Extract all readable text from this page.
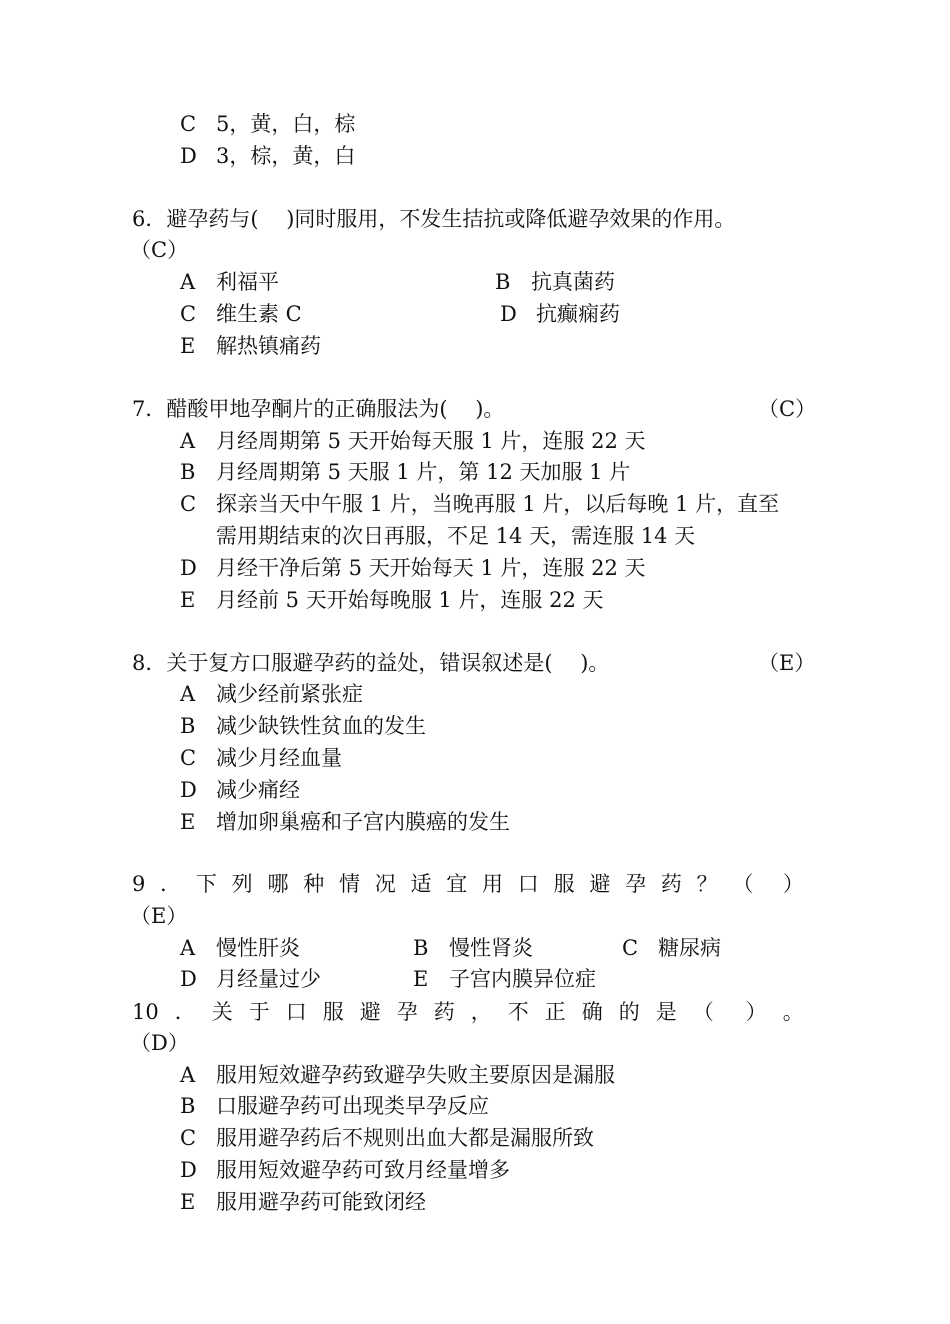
C 5，黄，白，棕
D 3，棕，黄，白
6．避孕药与(　 )同时服用，不发生拮抗或降低避孕效果的作用。
（C）
A 利福平	B 抗真菌药
C 维生素 C	D 抗癫痫药
E 解热镇痛药
7．醋酸甲地孕酮片的正确服法为(　 )。	（C）
A 月经周期第 5 天开始每天服 1 片，连服 22 天
B 月经周期第 5 天服 1 片，第 12 天加服 1 片
C 探亲当天中午服 1 片，当晚再服 1 片，以后每晚 1 片，直至
需用期结束的次日再服，不足 14 天，需连服 14 天
D 月经干净后第 5 天开始每天 1 片，连服 22 天
E 月经前 5 天开始每晚服 1 片，连服 22 天
8．关于复方口服避孕药的益处，错误叙述是(　 )。	（E）
A 减少经前紧张症
B 减少缺铁性贫血的发生
C 减少月经血量
D 减少痛经
E 增加卵巢癌和子宫内膜癌的发生
9 ． 下 列 哪 种 情 况 适 宜 用 口 服 避 孕 药 ？ （ ）
（E）
A 慢性肝炎	B 慢性肾炎	C 糖尿病
D 月经量过少	E 子宫内膜异位症
10 ． 关 于 口 服 避 孕 药 ， 不 正 确 的 是 （ ） 。
（D）
A 服用短效避孕药致避孕失败主要原因是漏服
B 口服避孕药可出现类早孕反应
C 服用避孕药后不规则出血大都是漏服所致
D 服用短效避孕药可致月经量增多
E 服用避孕药可能致闭经
